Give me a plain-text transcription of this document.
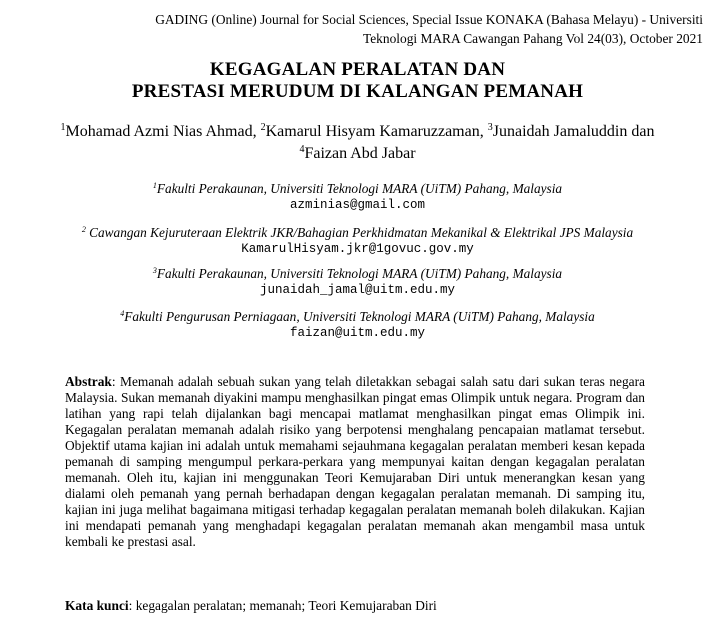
GADING (Online) Journal for Social Sciences, Special Issue KONAKA (Bahasa Melayu) - Universiti
Teknologi MARA Cawangan Pahang Vol 24(03), October 2021
KEGAGALAN PERALATAN DAN
PRESTASI MERUDUM DI KALANGAN PEMANAH
$^1$Mohamad Azmi Nias Ahmad, $^2$Kamarul Hisyam Kamaruzzaman, $^3$Junaidah Jamaluddin dan
$^4$Faizan Abd Jabar
$^1$Fakulti Perakaunan, Universiti Teknologi MARA (UiTM) Pahang, Malaysia
azminias@gmail.com
$^2$ Cawangan Kejuruteraan Elektrik JKR/Bahagian Perkhidmatan Mekanikal & Elektrikal JPS Malaysia
KamarulHisyam.jkr@1govuc.gov.my
$^3$Fakulti Perakaunan, Universiti Teknologi MARA (UiTM) Pahang, Malaysia
junaidah_jamal@uitm.edu.my
$^4$Fakulti Pengurusan Perniagaan, Universiti Teknologi MARA (UiTM) Pahang, Malaysia
faizan@uitm.edu.my
Abstrak: Memanah adalah sebuah sukan yang telah diletakkan sebagai salah satu dari sukan teras negara Malaysia. Sukan memanah diyakini mampu menghasilkan pingat emas Olimpik untuk negara. Program dan latihan yang rapi telah dijalankan bagi mencapai matlamat menghasilkan pingat emas Olimpik ini. Kegagalan peralatan memanah adalah risiko yang berpotensi menghalang pencapaian matlamat tersebut. Objektif utama kajian ini adalah untuk memahami sejauhmana kegagalan peralatan memberi kesan kepada pemanah di samping mengumpul perkara-perkara yang mempunyai kaitan dengan kegagalan peralatan memanah. Oleh itu, kajian ini menggunakan Teori Kemujaraban Diri untuk menerangkan kesan yang dialami oleh pemanah yang pernah berhadapan dengan kegagalan peralatan memanah. Di samping itu, kajian ini juga melihat bagaimana mitigasi terhadap kegagalan peralatan memanah boleh dilakukan. Kajian ini mendapati pemanah yang menghadapi kegagalan peralatan memanah akan mengambil masa untuk kembali ke prestasi asal.
Kata kunci: kegagalan peralatan; memanah; Teori Kemujaraban Diri
